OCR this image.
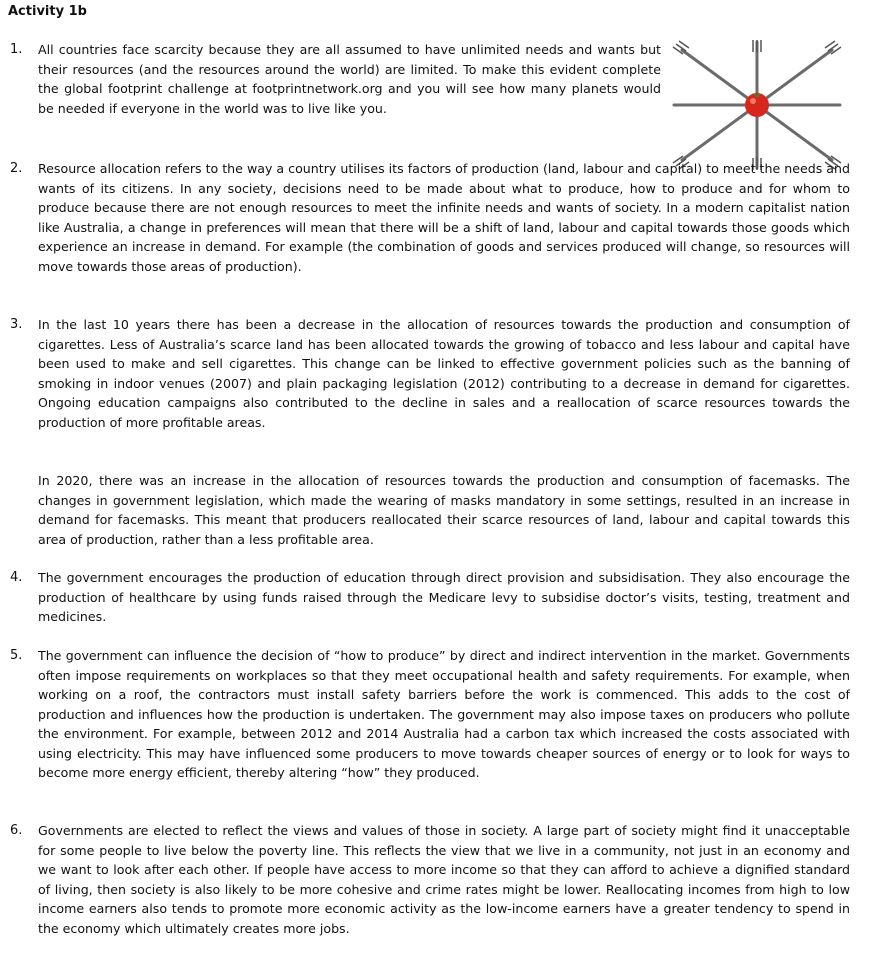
Activity 1b
1. All countries face scarcity because they are all assumed to have unlimited needs and wants but their resources (and the resources around the world) are limited. To make this evident complete the global footprint challenge at footprintnetwork.org and you will see how many planets would be needed if everyone in the world was to live like you.

2. Resource allocation refers to the way a country utilises its factors of production (land, labour and capital) to meet the needs and wants of its citizens. In any society, decisions need to be made about what to produce, how to produce and for whom to produce because there are not enough resources to meet the infinite needs and wants of society. In a modern capitalist nation like Australia, a change in preferences will mean that there will be a shift of land, labour and capital towards those goods which experience an increase in demand. For example (the combination of goods and services produced will change, so resources will move towards those areas of production).

3. In the last 10 years there has been a decrease in the allocation of resources towards the production and consumption of cigarettes. Less of Australia’s scarce land has been allocated towards the growing of tobacco and less labour and capital have been used to make and sell cigarettes. This change can be linked to effective government policies such as the banning of smoking in indoor venues (2007) and plain packaging legislation (2012) contributing to a decrease in demand for cigarettes. Ongoing education campaigns also contributed to the decline in sales and a reallocation of scarce resources towards the production of more profitable areas.

In 2020, there was an increase in the allocation of resources towards the production and consumption of facemasks. The changes in government legislation, which made the wearing of masks mandatory in some settings, resulted in an increase in demand for facemasks. This meant that producers reallocated their scarce resources of land, labour and capital towards this area of production, rather than a less profitable area.

4. The government encourages the production of education through direct provision and subsidisation. They also encourage the production of healthcare by using funds raised through the Medicare levy to subsidise doctor’s visits, testing, treatment and medicines.

5. The government can influence the decision of “how to produce” by direct and indirect intervention in the market. Governments often impose requirements on workplaces so that they meet occupational health and safety requirements. For example, when working on a roof, the contractors must install safety barriers before the work is commenced. This adds to the cost of production and influences how the production is undertaken. The government may also impose taxes on producers who pollute the environment. For example, between 2012 and 2014 Australia had a carbon tax which increased the costs associated with using electricity. This may have influenced some producers to move towards cheaper sources of energy or to look for ways to become more energy efficient, thereby altering “how” they produced.

6. Governments are elected to reflect the views and values of those in society. A large part of society might find it unacceptable for some people to live below the poverty line. This reflects the view that we live in a community, not just in an economy and we want to look after each other. If people have access to more income so that they can afford to achieve a dignified standard of living, then society is also likely to be more cohesive and crime rates might be lower. Reallocating incomes from high to low income earners also tends to promote more economic activity as the low-income earners have a greater tendency to spend in the economy which ultimately creates more jobs.
